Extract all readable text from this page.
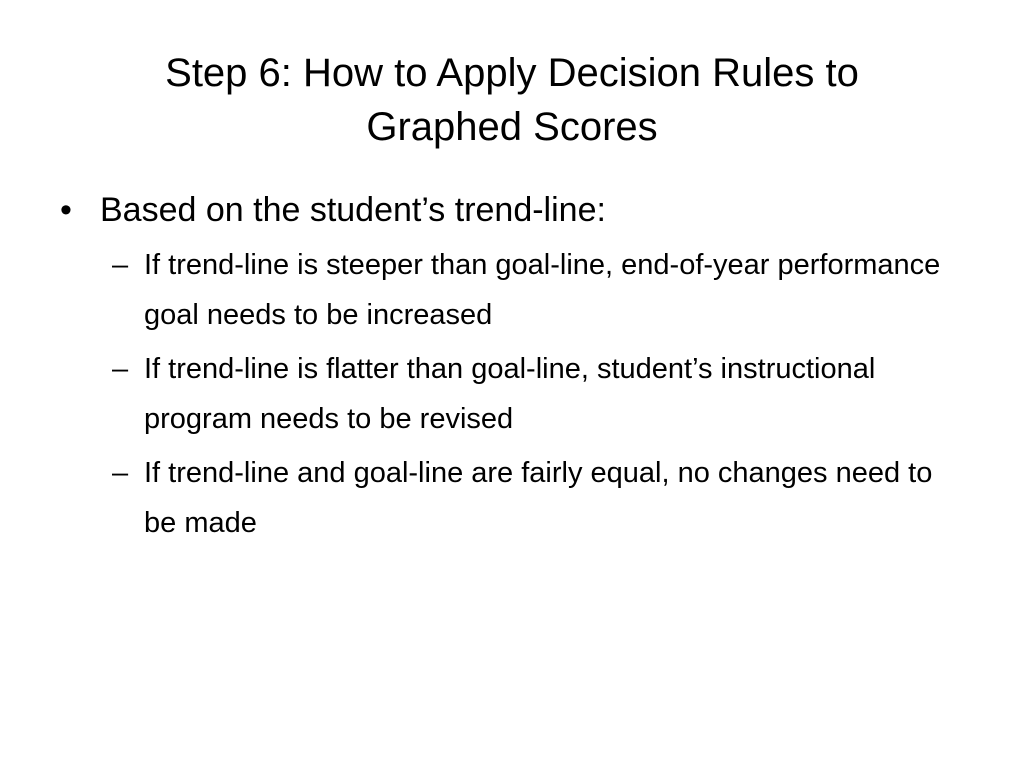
Step 6: How to Apply Decision Rules to
Graphed Scores
• Based on the student’s trend-line:
– If trend-line is steeper than goal-line, end-of-year performance goal needs to be increased
– If trend-line is flatter than goal-line, student’s instructional program needs to be revised
– If trend-line and goal-line are fairly equal, no changes need to be made
